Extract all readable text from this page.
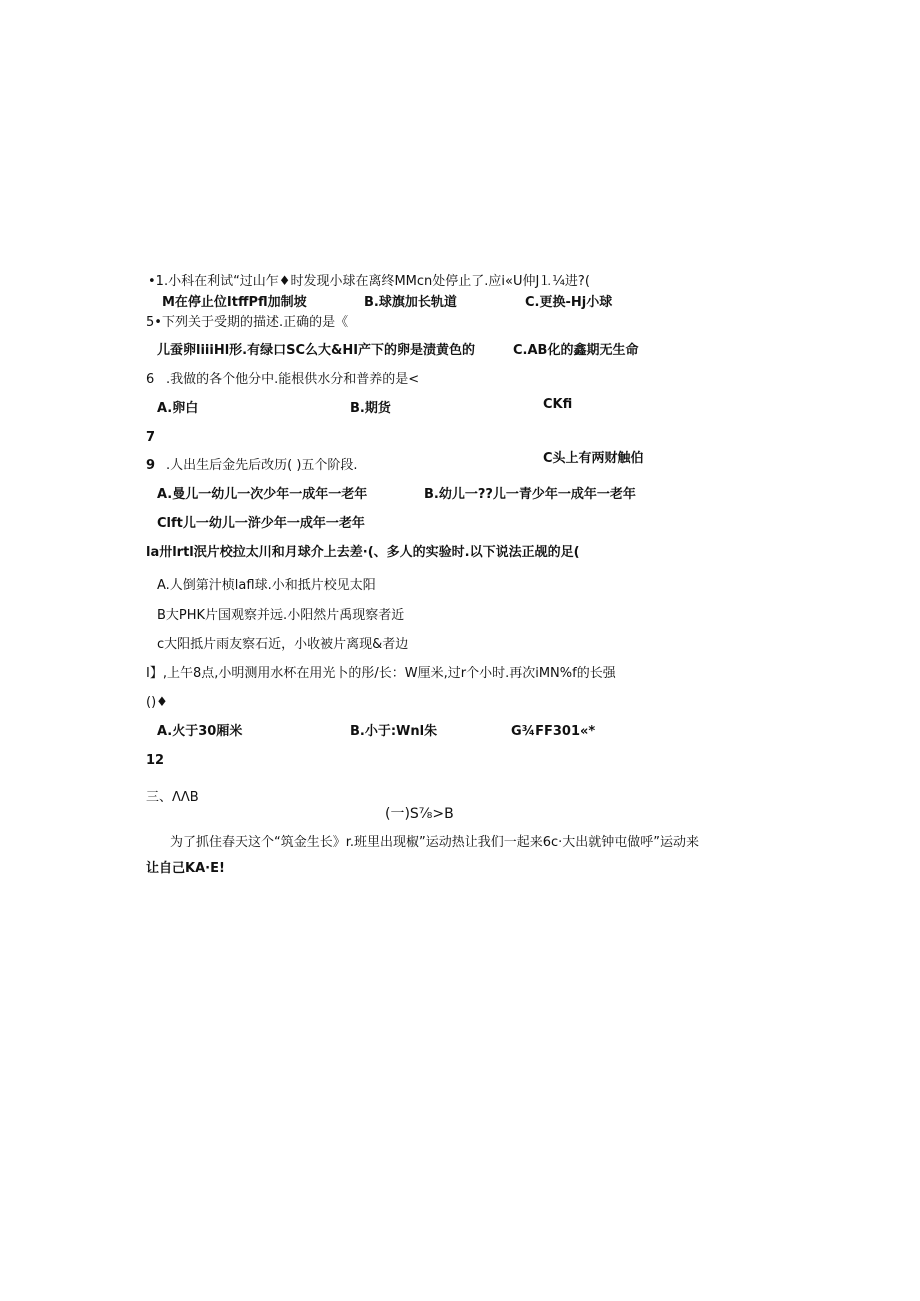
•1.小科在利试“过山乍♦时发现小球在离终MMcn处停止了.应i«U仲J⒈¼进?(
M在停止位ItffPfl加制坡	B.球旗加长轨道	C.更换-Hj小球
5•下列关于受期的描述.正确的是《
儿蚕卵liiiHl形.有绿口SC么大&HI产下的卵是渍黄色的	C.AB化的鑫期无生命
6 .我做的各个他分中.能根供水分和普养的是<
A.卵白	B.期货	CKfi
7
9 .人出生后金先后改历( )五个阶段.	C头上有两财触伯
A.曼儿一幼儿一次少年一成年一老年	B.幼儿一??儿一青少年一成年一老年
Clft儿一幼儿一浒少年一成年一老年
la卅lrtl泯片校拉太川和月球介上去差·(、多人的实验时.以下说法正觇的足(
A.人倒第汁桢lafl球.小和抵片校见太阳
B大PHK片国观察并远.小阳然片禹现察者近
c大阳抵片雨友察石近，小收被片离现&者边
I】,上午8点,小明测用水杯在用光卜的彤/长：W厘米,过r个小时.再次iMN%f的长强
()♦
A.火于30厢米	B.小于:Wnl朱	G¾FF301«*
12
三、ΛΛB
(一)S⅞>B
为了抓住春天这个“筑金生长》r.班里出现椒”运动热让我们一起来6c·大出就钟屯做呼”运动来
让自己KA·E!
